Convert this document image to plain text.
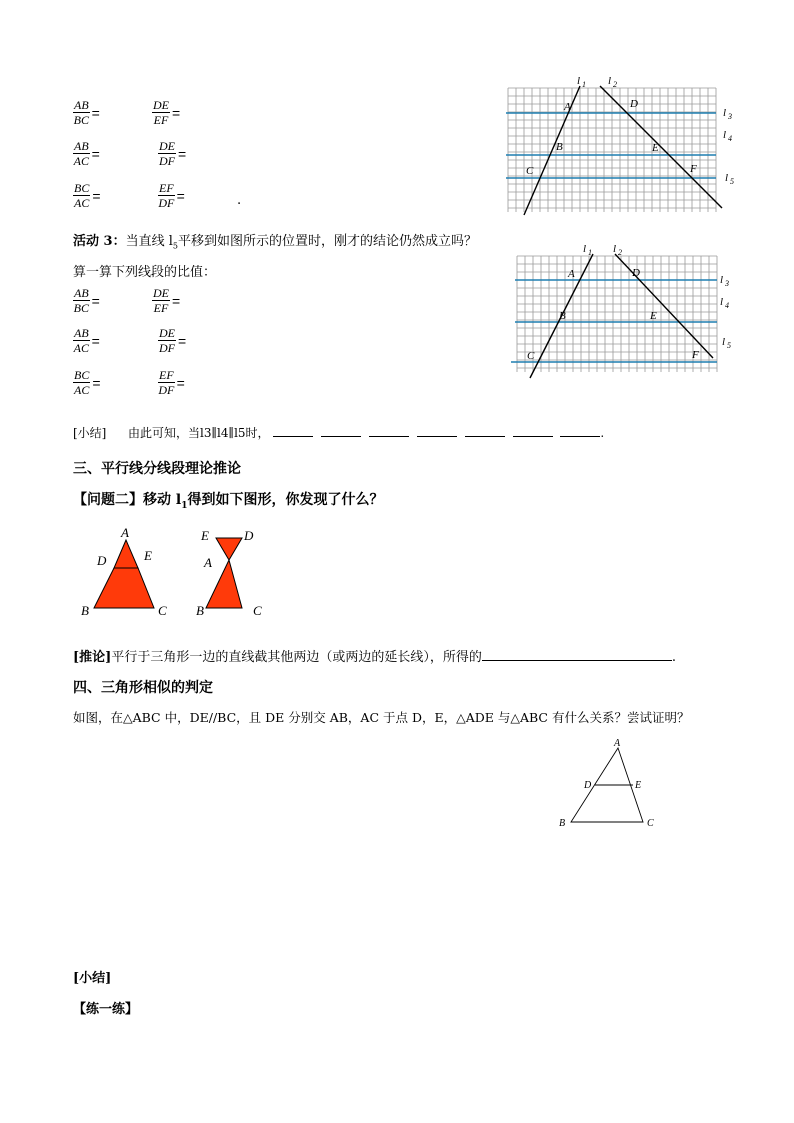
l 1 l 2
l 3
l 4
l 5
A	D
B	E
C	F
$\frac{AB}{BC}$ =	$\frac{DE}{EF}$ =
$\frac{AB}{AC}$ =	$\frac{DE}{DF}$ =
$\frac{BC}{AC}$ =	$\frac{EF}{DF}$ =	.
活动 3：当直线 $l_5$平移到如图所示的位置时，刚才的结论仍然成立吗？
算一算下列线段的比值：
l 1 l 2
l 3
l 4
l 5
A	D
B	E
C	F
$\frac{AB}{BC}$ =	$\frac{DE}{EF}$ =
$\frac{AB}{AC}$ =	$\frac{DE}{DF}$ =
$\frac{BC}{AC}$ =	$\frac{EF}{DF}$ =
[小结] 由此可知，当l3∥l4∥l5时，	.
三、平行线分线段理论推论
【问题二】移动 $l_1$得到如下图形，你发现了什么？
A
D	E
B	C
E	D
A
B	C
[推论]平行于三角形一边的直线截其他两边（或两边的延长线），所得的	.
四、三角形相似的判定
如图，在△ABC 中，DE//BC，且 DE 分别交 AB，AC 于点 D，E，△ADE 与△ABC 有什么关系？尝试证明？
A
D	E
B	C
[小结]
【练一练】
